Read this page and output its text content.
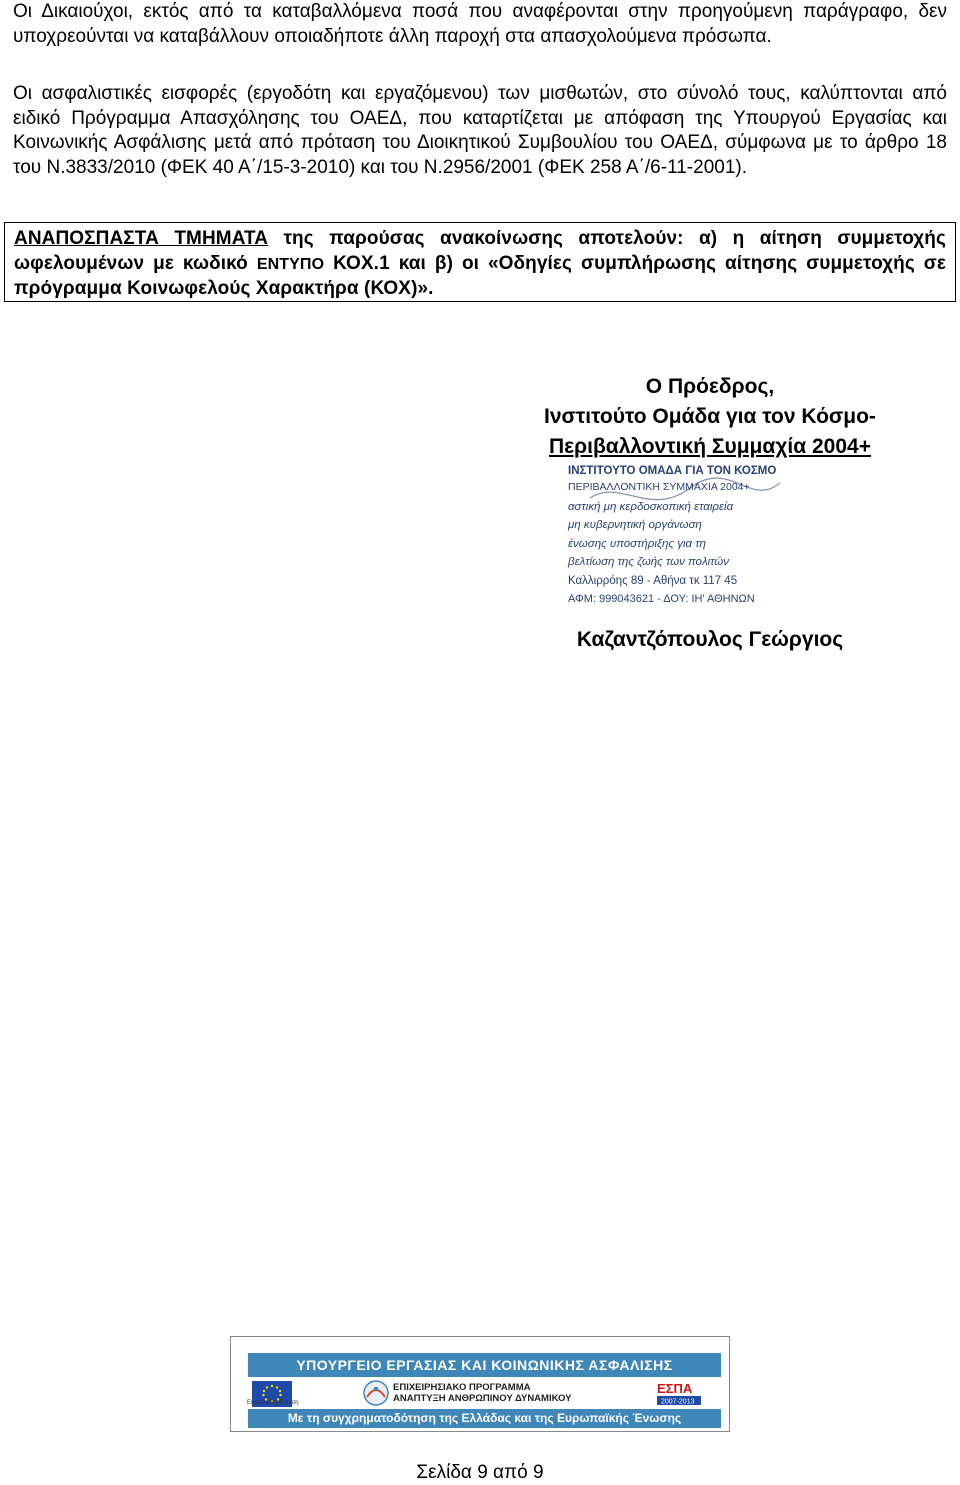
Οι Δικαιούχοι, εκτός από τα καταβαλλόμενα ποσά που αναφέρονται στην προηγούμενη παράγραφο, δεν υποχρεούνται να καταβάλλουν οποιαδήποτε άλλη παροχή στα απασχολούμενα πρόσωπα.
Οι ασφαλιστικές εισφορές (εργοδότη και εργαζόμενου) των μισθωτών, στο σύνολό τους, καλύπτονται από ειδικό Πρόγραμμα Απασχόλησης του ΟΑΕΔ, που καταρτίζεται με απόφαση της Υπουργού Εργασίας και Κοινωνικής Ασφάλισης μετά από πρόταση του Διοικητικού Συμβουλίου του ΟΑΕΔ, σύμφωνα με το άρθρο 18 του Ν.3833/2010 (ΦΕΚ 40 Α΄/15-3-2010) και του Ν.2956/2001 (ΦΕΚ 258 Α΄/6-11-2001).
ΑΝΑΠΟΣΠΑΣΤΑ ΤΜΗΜΑΤΑ της παρούσας ανακοίνωσης αποτελούν: α) η αίτηση συμμετοχής ωφελουμένων με κωδικό ΕΝΤΥΠΟ ΚΟΧ.1 και β) οι «Οδηγίες συμπλήρωσης αίτησης συμμετοχής σε πρόγραμμα Κοινωφελούς Χαρακτήρα (ΚΟΧ)».
Ο Πρόεδρος,
Ινστιτούτο Ομάδα για τον Κόσμο-
Περιβαλλοντική Συμμαχία 2004+
ΙΝΣΤΙΤΟΥΤΟ ΟΜΑΔΑ ΓΙΑ ΤΟΝ ΚΟΣΜΟ
ΠΕΡΙΒΑΛΛΟΝΤΙΚΗ ΣΥΜΜΑΧΙΑ 2004+
αστική μη κερδοσκοπική εταιρεία
μη κυβερνητική οργάνωση
ένωσης υποστήριξης για τη
βελτίωση της ζωής των πολιτών
Καλλιρρόης 89 - Αθήνα τκ 117 45
ΑΦΜ: 999043621 - ΔΟΥ: ΙΗ' ΑΘΗΝΩΝ
Καζαντζόπουλος Γεώργιος
ΥΠΟΥΡΓΕΙΟ ΕΡΓΑΣΙΑΣ ΚΑΙ ΚΟΙΝΩΝΙΚΗΣ ΑΣΦΑΛΙΣΗΣ
Ευρωπαϊκή Ένωση
ΕΠΙΧΕΙΡΗΣΙΑΚΟ ΠΡΟΓΡΑΜΜΑ
ΑΝΑΠΤΥΞΗ ΑΝΘΡΩΠΙΝΟΥ ΔΥΝΑΜΙΚΟΥ
ΕΣΠΑ
2007-2013
Με τη συγχρηματοδότηση της Ελλάδας και της Ευρωπαϊκής Ένωσης
Σελίδα 9 από 9
